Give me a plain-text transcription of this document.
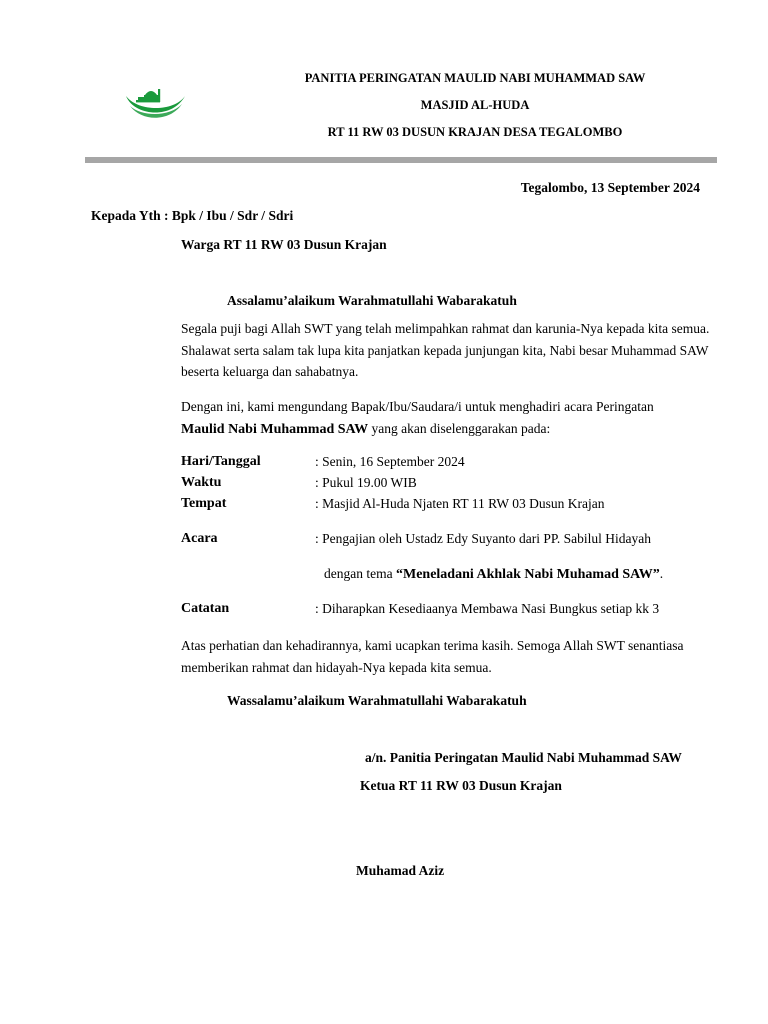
PANITIA PERINGATAN MAULID NABI MUHAMMAD SAW
MASJID AL-HUDA
RT 11 RW 03 DUSUN KRAJAN DESA TEGALOMBO
Tegalombo, 13 September 2024
Kepada Yth : Bpk / Ibu / Sdr / Sdri
Warga RT 11 RW 03 Dusun Krajan
Assalamu’alaikum Warahmatullahi Wabarakatuh
Segala puji bagi Allah SWT yang telah melimpahkan rahmat dan karunia-Nya kepada kita semua. Shalawat serta salam tak lupa kita panjatkan kepada junjungan kita, Nabi besar Muhammad SAW beserta keluarga dan sahabatnya.
Dengan ini, kami mengundang Bapak/Ibu/Saudara/i untuk menghadiri acara Peringatan
Maulid Nabi Muhammad SAW yang akan diselenggarakan pada:
Hari/Tanggal	: Senin, 16 September 2024
Waktu	: Pukul 19.00 WIB
Tempat	: Masjid Al-Huda Njaten RT 11 RW 03 Dusun Krajan
Acara	: Pengajian oleh Ustadz Edy Suyanto dari PP. Sabilul Hidayah
dengan tema “Meneladani Akhlak Nabi Muhamad SAW”.
Catatan	: Diharapkan Kesediaanya Membawa Nasi Bungkus setiap kk 3
Atas perhatian dan kehadirannya, kami ucapkan terima kasih. Semoga Allah SWT senantiasa memberikan rahmat dan hidayah-Nya kepada kita semua.
Wassalamu’alaikum Warahmatullahi Wabarakatuh
a/n. Panitia Peringatan Maulid Nabi Muhammad SAW
Ketua RT 11 RW 03 Dusun Krajan
Muhamad Aziz
